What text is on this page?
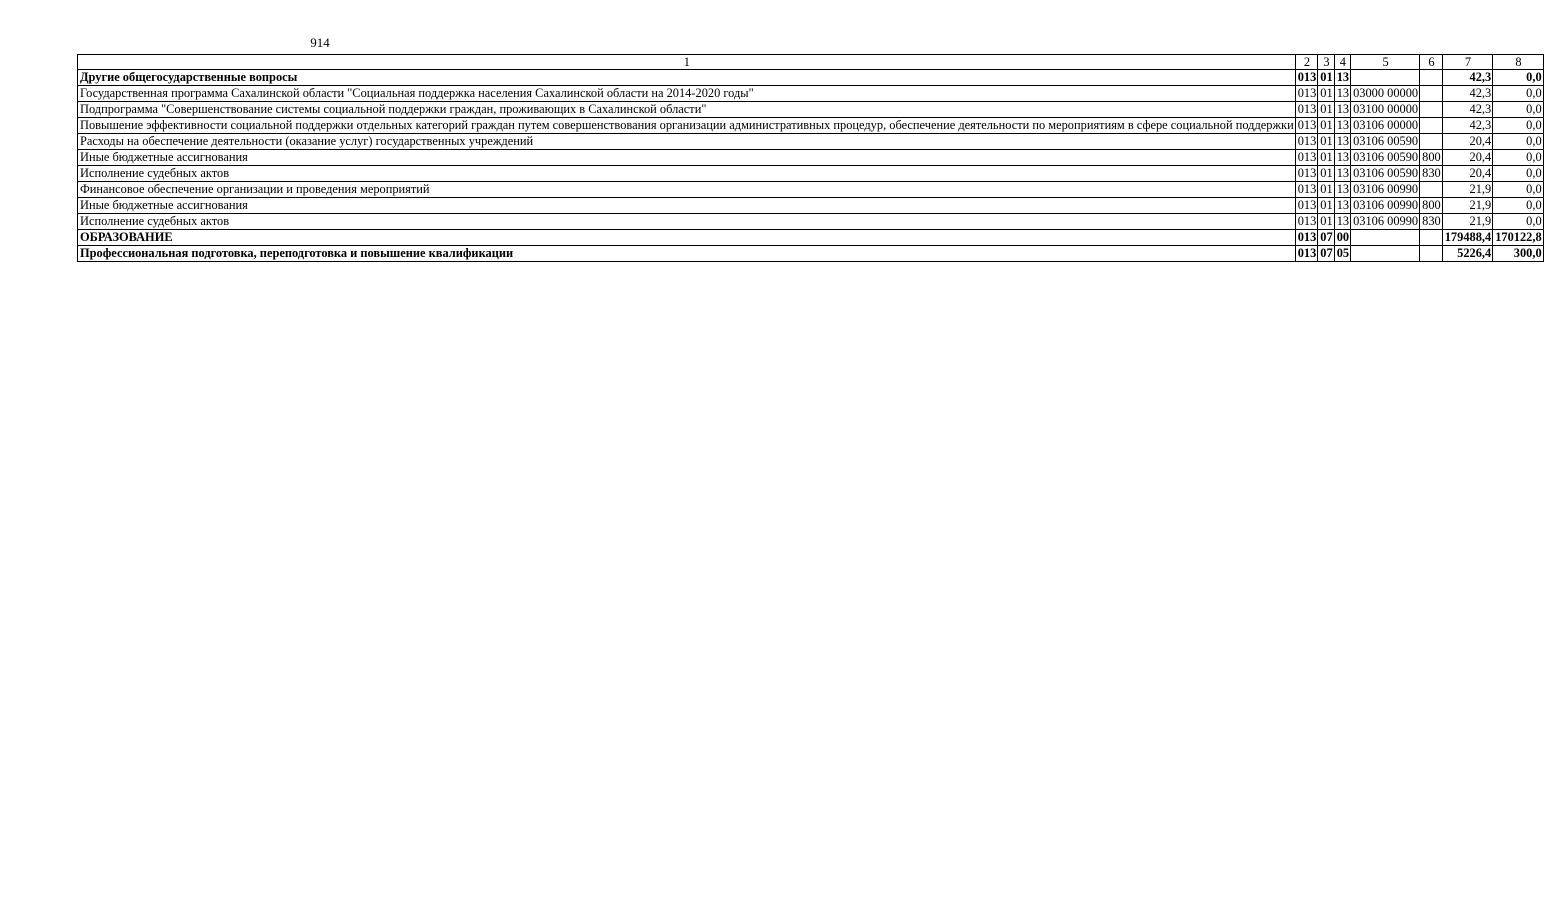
914
1	2	3	4	5	6	7	8
Другие общегосударственные вопросы	013	01	13			42,3	0,0
Государственная программа Сахалинской области "Социальная поддержка населения Сахалинской области на 2014-2020 годы"	013	01	13	03000 00000		42,3	0,0
Подпрограмма "Совершенствование системы социальной поддержки граждан, проживающих в Сахалинской области"	013	01	13	03100 00000		42,3	0,0
Повышение эффективности социальной поддержки отдельных категорий граждан путем совершенствования организации административных процедур, обеспечение деятельности по мероприятиям в сфере социальной поддержки	013	01	13	03106 00000		42,3	0,0
Расходы на обеспечение деятельности (оказание услуг) государственных учреждений	013	01	13	03106 00590		20,4	0,0
Иные бюджетные ассигнования	013	01	13	03106 00590	800	20,4	0,0
Исполнение судебных актов	013	01	13	03106 00590	830	20,4	0,0
Финансовое обеспечение организации и проведения мероприятий	013	01	13	03106 00990		21,9	0,0
Иные бюджетные ассигнования	013	01	13	03106 00990	800	21,9	0,0
Исполнение судебных актов	013	01	13	03106 00990	830	21,9	0,0
ОБРАЗОВАНИЕ	013	07	00			179488,4	170122,8
Профессиональная подготовка, переподготовка и повышение квалификации	013	07	05			5226,4	300,0
